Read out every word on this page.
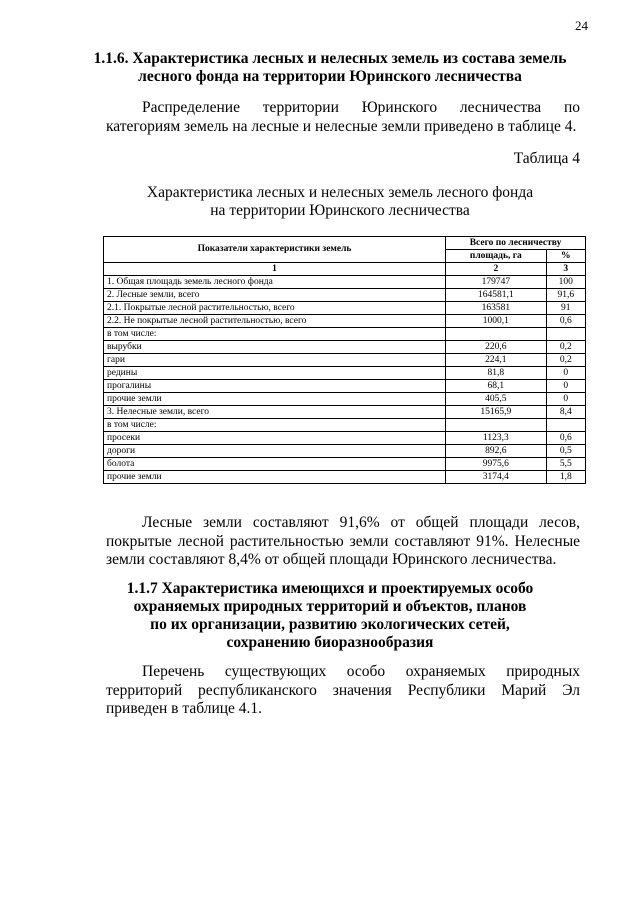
24
1.1.6. Характеристика лесных и нелесных земель из состава земель
лесного фонда на территории Юринского лесничества

Распределение территории Юринского лесничества по категориям земель на лесные и нелесные земли приведено в таблице 4.

Таблица 4
Характеристика лесных и нелесных земель лесного фонда
на территории Юринского лесничества
Показатели характеристики земель	Всего по лесничеству	
	площадь, га	%
1	2	3
1. Общая площадь земель лесного фонда	179747	100
2. Лесные земли, всего	164581,1	91,6
2.1. Покрытые лесной растительностью, всего	163581	91
2.2. Не покрытые лесной растительностью, всего	1000,1	0,6
в том числе:		
вырубки	220,6	0,2
гари	224,1	0,2
редины	81,8	0
прогалины	68,1	0
прочие земли	405,5	0
3. Нелесные земли, всего	15165,9	8,4
в том числе:		
просеки	1123,3	0,6
дороги	892,6	0,5
болота	9975,6	5,5
прочие земли	3174,4	1,8

Лесные земли составляют 91,6% от общей площади лесов, покрытые лесной растительностью земли составляют 91%. Нелесные земли составляют 8,4% от общей площади Юринского лесничества.

1.1.7 Характеристика имеющихся и проектируемых особо
охраняемых природных территорий и объектов, планов
по их организации, развитию экологических сетей,
сохранению биоразнообразия

Перечень существующих особо охраняемых природных территорий республиканского значения Республики Марий Эл приведен в таблице 4.1.
